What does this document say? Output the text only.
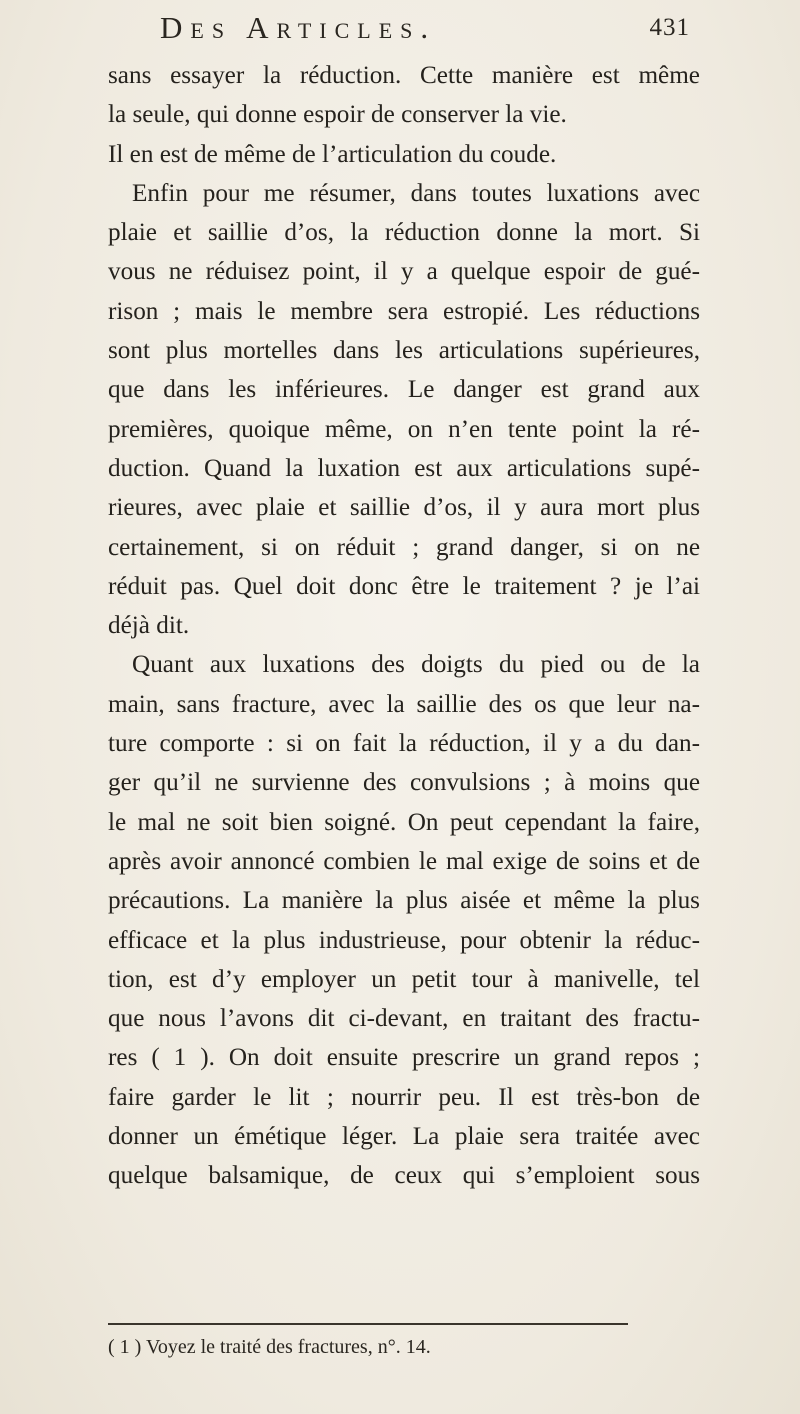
Des Articles.	431
sans essayer la réduction. Cette manière est même
la seule, qui donne espoir de conserver la vie.
Il en est de même de l’articulation du coude.
Enfin pour me résumer, dans toutes luxations avec
plaie et saillie d’os, la réduction donne la mort. Si
vous ne réduisez point, il y a quelque espoir de gué-
rison ; mais le membre sera estropié. Les réductions
sont plus mortelles dans les articulations supérieures,
que dans les inférieures. Le danger est grand aux
premières, quoique même, on n’en tente point la ré-
duction. Quand la luxation est aux articulations supé-
rieures, avec plaie et saillie d’os, il y aura mort plus
certainement, si on réduit ; grand danger, si on ne
réduit pas. Quel doit donc être le traitement ? je l’ai
déjà dit.
Quant aux luxations des doigts du pied ou de la
main, sans fracture, avec la saillie des os que leur na-
ture comporte : si on fait la réduction, il y a du dan-
ger qu’il ne survienne des convulsions ; à moins que
le mal ne soit bien soigné. On peut cependant la faire,
après avoir annoncé combien le mal exige de soins et de
précautions. La manière la plus aisée et même la plus
efficace et la plus industrieuse, pour obtenir la réduc-
tion, est d’y employer un petit tour à manivelle, tel
que nous l’avons dit ci-devant, en traitant des fractu-
res ( 1 ). On doit ensuite prescrire un grand repos ;
faire garder le lit ; nourrir peu. Il est très-bon de
donner un émétique léger. La plaie sera traitée avec
quelque balsamique, de ceux qui s’emploient sous
( 1 ) Voyez le traité des fractures, n°. 14.
